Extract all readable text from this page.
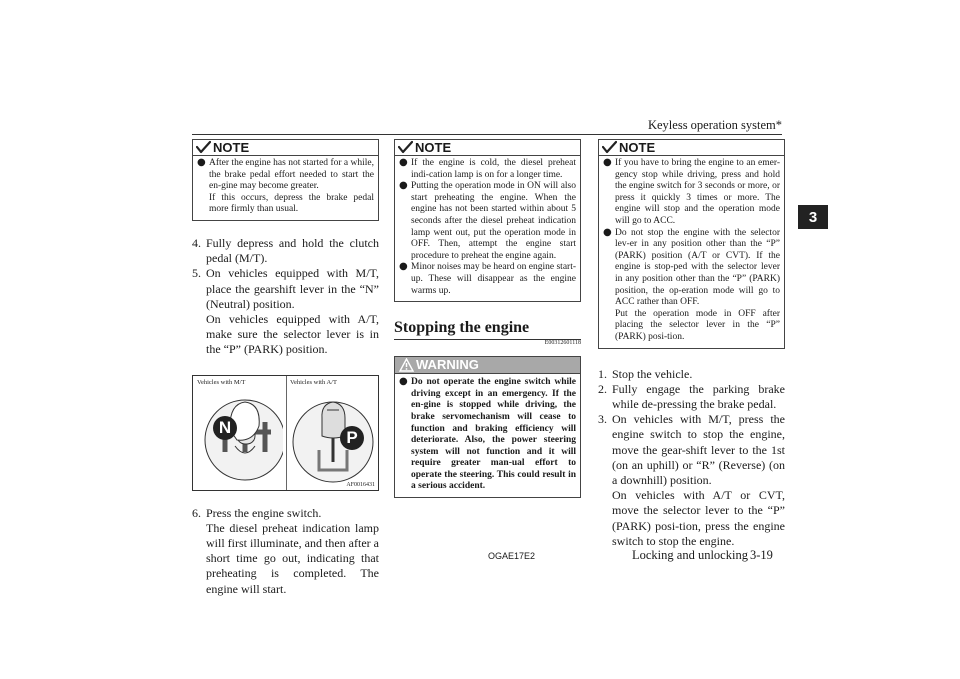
Keyless operation system*
3
NOTE
● After the engine has not started for a while, the brake pedal effort needed to start the en-gine may become greater.

If this occurs, depress the brake pedal more firmly than usual.

4. Fully depress and hold the clutch pedal (M/T).

5. On vehicles equipped with M/T, place the gearshift lever in the “N” (Neutral) position.

On vehicles equipped with A/T, make sure the selector lever is in the “P” (PARK) position.

Vehicles with M/T	Vehicles with A/T
N
P
AF0016431
6. Press the engine switch.

The diesel preheat indication lamp will first illuminate, and then after a short time go out, indicating that preheating is completed. The engine will start.

NOTE
● If the engine is cold, the diesel preheat indi-cation lamp is on for a longer time.

● Putting the operation mode in ON will also start preheating the engine. When the engine has not been started within about 5 seconds after the diesel preheat indication lamp went out, put the operation mode in OFF. Then, attempt the engine start procedure to preheat the engine again.

● Minor noises may be heard on engine start-up. These will disappear as the engine warms up.

Stopping the engine
E00312601118
WARNING
● Do not operate the engine switch while driving except in an emergency. If the en-gine is stopped while driving, the brake servomechanism will cease to function and braking efficiency will deteriorate. Also, the power steering system will not function and it will require greater man-ual effort to operate the steering. This could result in a serious accident.

NOTE
● If you have to bring the engine to an emer-gency stop while driving, press and hold the engine switch for 3 seconds or more, or press it quickly 3 times or more. The engine will stop and the operation mode will go to ACC.

● Do not stop the engine with the selector lev-er in any position other than the “P” (PARK) position (A/T or CVT). If the engine is stop-ped with the selector lever in any position other than the “P” (PARK) position, the op-eration mode will go to ACC rather than OFF.

Put the operation mode in OFF after placing the selector lever in the “P” (PARK) posi-tion.

1. Stop the vehicle.

2. Fully engage the parking brake while de-pressing the brake pedal.

3. On vehicles with M/T, press the engine switch to stop the engine, move the gear-shift lever to the 1st (on an uphill) or “R” (Reverse) (on a downhill) position.

On vehicles with A/T or CVT, move the selector lever to the “P” (PARK) posi-tion, press the engine switch to stop the engine.

OGAE17E2	Locking and unlocking 3-19
